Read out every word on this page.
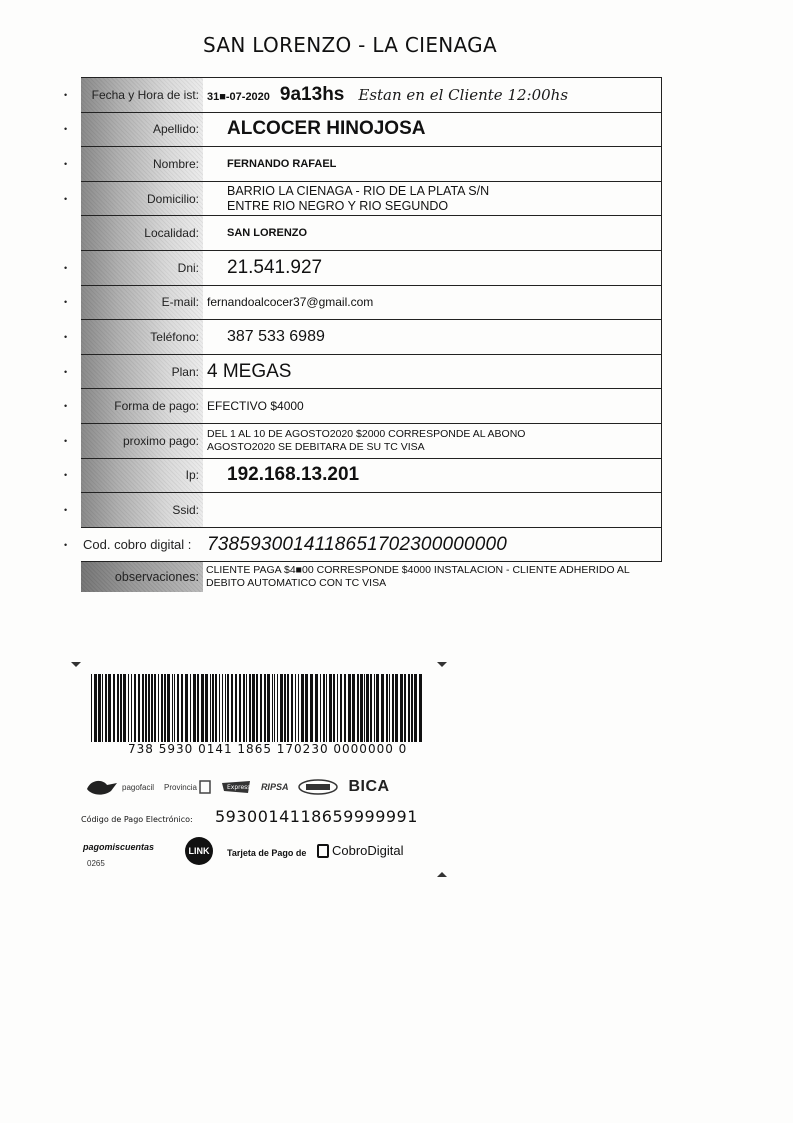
SAN LORENZO - LA CIENAGA
•	Fecha y Hora de ist: 31■-07-2020 9a13hs Estan en el Cliente 12:00hs
•	Apellido: ALCOCER HINOJOSA
•	Nombre:	FERNANDO RAFAEL
•	Domicilio:
BARRIO LA CIENAGA - RIO DE LA PLATA S/N
ENTRE RIO NEGRO Y RIO SEGUNDO
Localidad:	SAN LORENZO
•	Dni: 21.541.927
•	E-mail: fernandoalcocer37@gmail.com
•	Teléfono: 387 533 6989
•	Plan: 4 MEGAS
•	Forma de pago: EFECTIVO $4000
•	proximo pago: DEL 1 AL 10 DE AGOSTO2020 $2000 CORRESPONDE AL ABONO
AGOSTO2020 SE DEBITARA DE SU TC VISA
•	Ip: 192.168.13.201
•	Ssid:
• Cod. cobro digital : 7385930014118651702300000000
observaciones: CLIENTE PAGA $4■00 CORRESPONDE $4000 INSTALACION - CLIENTE ADHERIDO AL
DEBITO AUTOMATICO CON TC VISA
738 5930 0141 1865 170230 0000000 0
pagofacil Provincia	Express RIPSA	BICA
Código de Pago Electrónico: 5930014118659999991
pagomiscuentas
0265
LINK	Tarjeta de Pago de CobroDigital
